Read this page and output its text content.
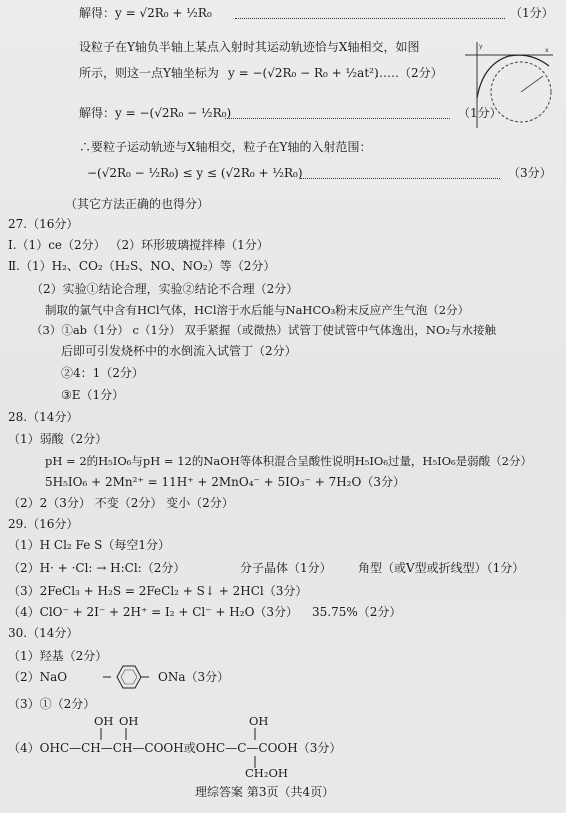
解得：y = √2R₀ + ½R₀	（1分）
设粒子在Y轴负半轴上某点入射时其运动轨迹恰与X轴相交，如图
所示，则这一点Y轴坐标为 y = −(√2R₀ − R₀ + ½at²)
……（2分）
x
y
解得：y = −(√2R₀ − ½R₀)	（1分）
∴要粒子运动轨迹与X轴相交，粒子在Y轴的入射范围：
−(√2R₀ − ½R₀) ≤ y ≤ (√2R₀ + ½R₀)	（3分）
（其它方法正确的也得分）
27.（16分）
Ⅰ.（1）ce（2分） （2）环形玻璃搅拌棒（1分）
Ⅱ.（1）H₂、CO₂（H₂S、NO、NO₂）等（2分）
（2）实验①结论合理，实验②结论不合理（2分）
制取的氯气中含有HCl气体，HCl溶于水后能与NaHCO₃粉末反应产生气泡（2分）
（3）①ab（1分） c（1分） 双手紧握（或微热）试管丁使试管中气体逸出，NO₂与水接触
后即可引发烧杯中的水倒流入试管丁（2分）
②4：1（2分）
③E（1分）
28.（14分）
（1）弱酸（2分）
pH = 2的H₅IO₆与pH = 12的NaOH等体积混合呈酸性说明H₅IO₆过量，H₅IO₆是弱酸（2分）
5H₅IO₆ + 2Mn²⁺ = 11H⁺ + 2MnO₄⁻ + 5IO₃⁻ + 7H₂O（3分）
（2）2（3分） 不变（2分） 变小（2分）
29.（16分）
（1）H Cl₂ Fe S（每空1分）
（2）H· + ·Cl: → H:Cl:（2分）	分子晶体（1分） 角型（或V型或折线型）（1分）
（3）2FeCl₃ + H₂S = 2FeCl₂ + S↓ + 2HCl（3分）
（4）ClO⁻ + 2I⁻ + 2H⁺ = I₂ + Cl⁻ + H₂O（3分） 35.75%（2分）
30.（14分）
（1）羟基（2分）
（2）NaO	ONa（3分）
（3）①（2分）
OH OH	OH
（4）OHC—CH—CH—COOH或OHC—C—COOH（3分）
CH₂OH
理综答案 第3页（共4页）
